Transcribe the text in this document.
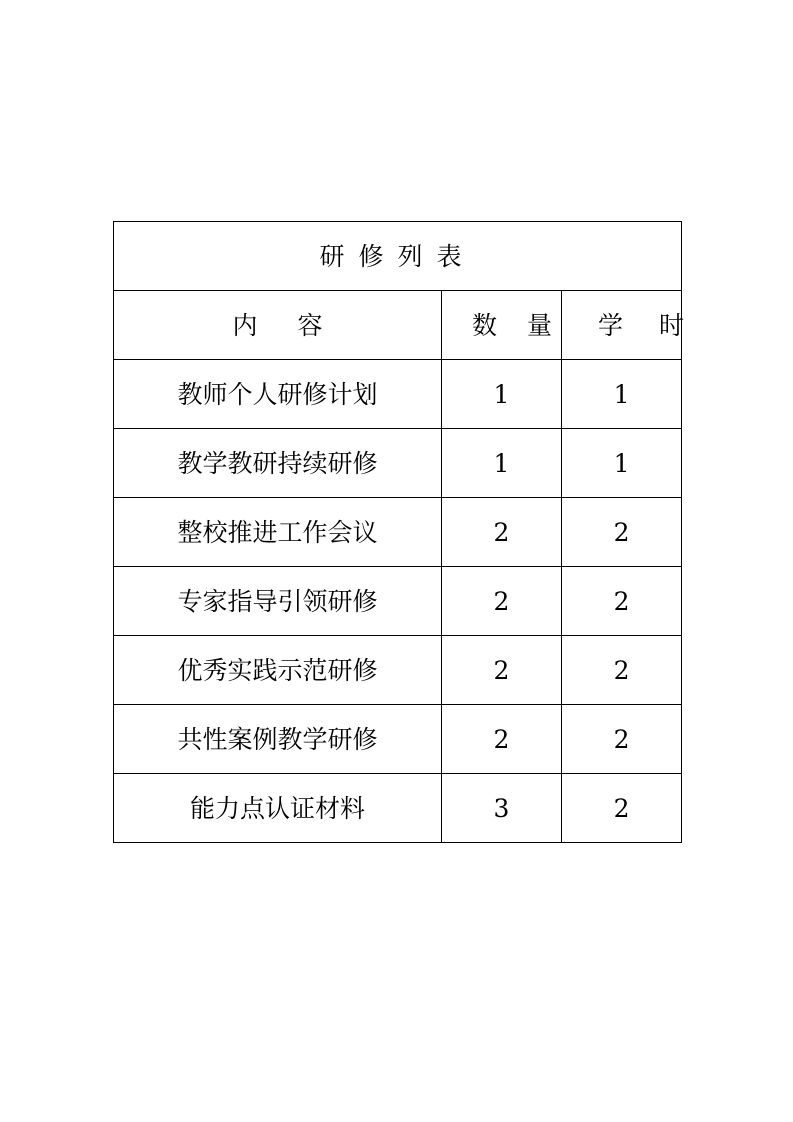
研修列表		
内容	数量	学时
教师个人研修计划	1	1
教学教研持续研修	1	1
整校推进工作会议	2	2
专家指导引领研修	2	2
优秀实践示范研修	2	2
共性案例教学研修	2	2
能力点认证材料	3	2
